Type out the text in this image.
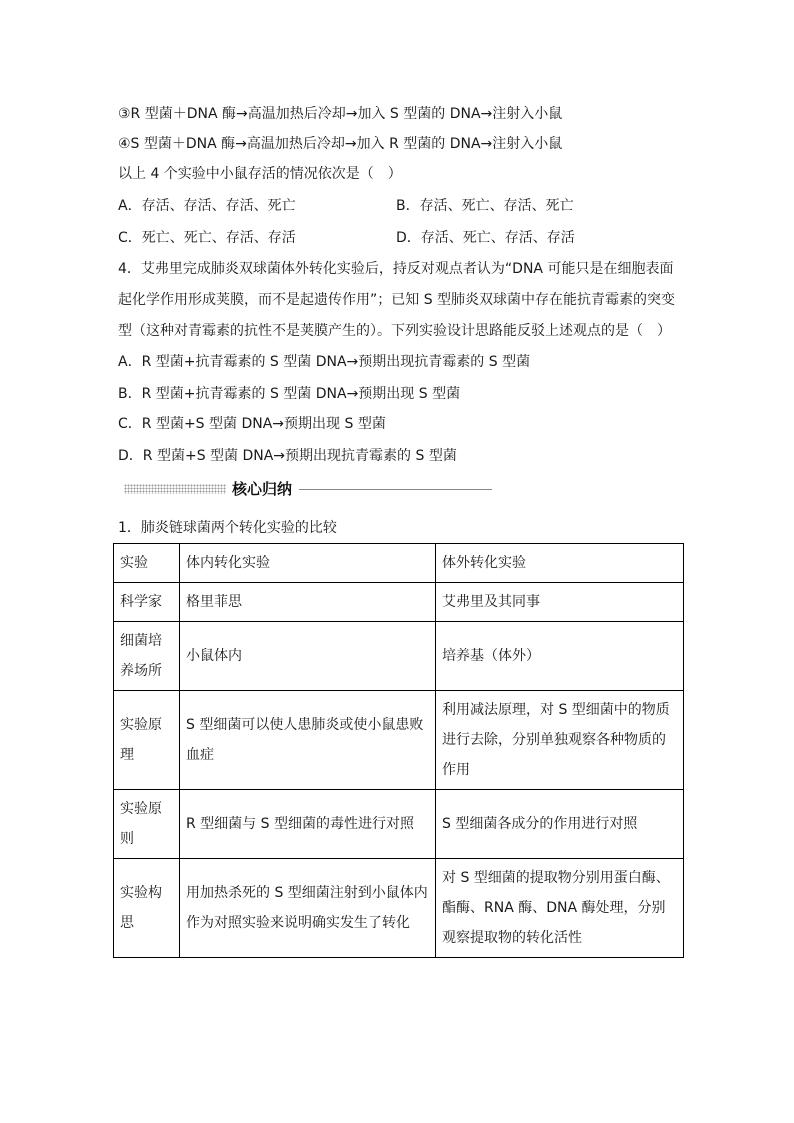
③R 型菌＋DNA 酶→高温加热后冷却→加入 S 型菌的 DNA→注射入小鼠
④S 型菌＋DNA 酶→高温加热后冷却→加入 R 型菌的 DNA→注射入小鼠
以上 4 个实验中小鼠存活的情况依次是（　）
A．存活、存活、存活、死亡	B．存活、死亡、存活、死亡
C．死亡、死亡、存活、存活	D．存活、死亡、存活、存活
4．艾弗里完成肺炎双球菌体外转化实验后，持反对观点者认为“DNA 可能只是在细胞表面
起化学作用形成荚膜，而不是起遗传作用”；已知 S 型肺炎双球菌中存在能抗青霉素的突变
型（这种对青霉素的抗性不是荚膜产生的）。下列实验设计思路能反驳上述观点的是（　）
A．R 型菌+抗青霉素的 S 型菌 DNA→预期出现抗青霉素的 S 型菌
B．R 型菌+抗青霉素的 S 型菌 DNA→预期出现 S 型菌
C．R 型菌+S 型菌 DNA→预期出现 S 型菌
D．R 型菌+S 型菌 DNA→预期出现抗青霉素的 S 型菌
核心归纳
1．肺炎链球菌两个转化实验的比较
实验	体内转化实验	体外转化实验
科学家	格里菲思	艾弗里及其同事
细菌培养场所	小鼠体内	培养基（体外）
实验原理	S 型细菌可以使人患肺炎或使小鼠患败血症	利用减法原理，对 S 型细菌中的物质进行去除，分别单独观察各种物质的作用
实验原则	R 型细菌与 S 型细菌的毒性进行对照	S 型细菌各成分的作用进行对照
实验构思	用加热杀死的 S 型细菌注射到小鼠体内作为对照实验来说明确实发生了转化	对 S 型细菌的提取物分别用蛋白酶、酯酶、RNA 酶、DNA 酶处理，分别观察提取物的转化活性
